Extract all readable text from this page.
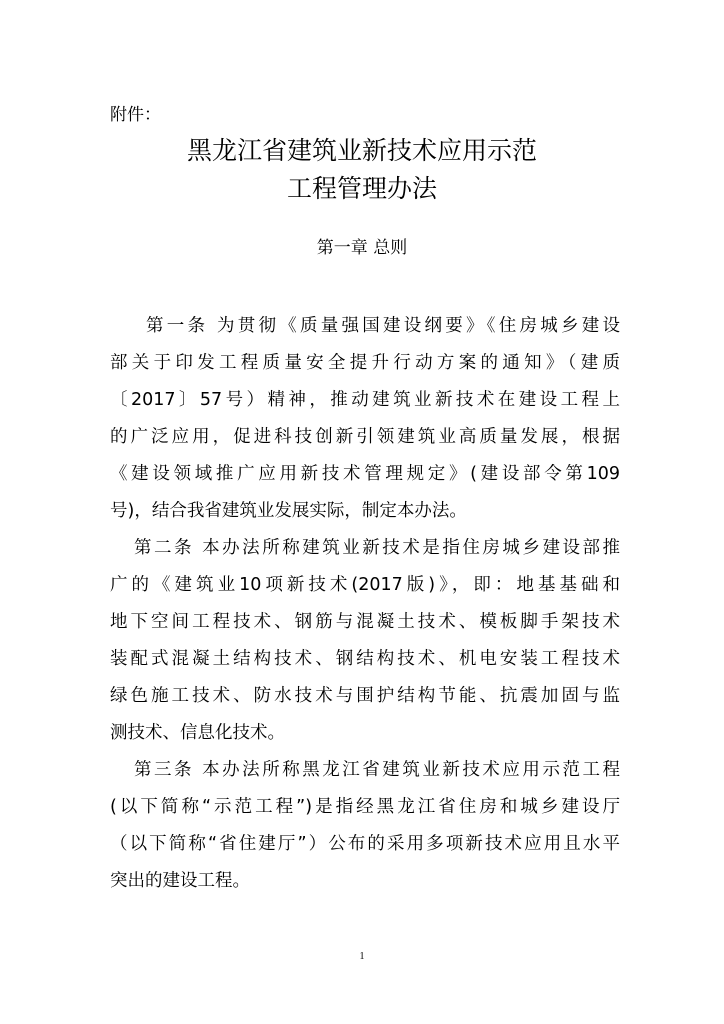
附件：
黑龙江省建筑业新技术应用示范
工程管理办法
第一章 总则
第一条 为贯彻《质量强国建设纲要》《住房城乡建设
部关于印发工程质量安全提升行动方案的通知》（建质
〔2017〕57号）精神，推动建筑业新技术在建设工程上
的广泛应用，促进科技创新引领建筑业高质量发展，根据
《建设领域推广应用新技术管理规定》(建设部令第109
号)，结合我省建筑业发展实际，制定本办法。
第二条 本办法所称建筑业新技术是指住房城乡建设部推
广的《建筑业10项新技术(2017版)》，即：地基基础和
地下空间工程技术、钢筋与混凝土技术、模板脚手架技术
装配式混凝土结构技术、钢结构技术、机电安装工程技术
绿色施工技术、防水技术与围护结构节能、抗震加固与监
测技术、信息化技术。
第三条 本办法所称黑龙江省建筑业新技术应用示范工程
(以下简称“示范工程”)是指经黑龙江省住房和城乡建设厅
（以下简称“省住建厅”）公布的采用多项新技术应用且水平
突出的建设工程。
1
